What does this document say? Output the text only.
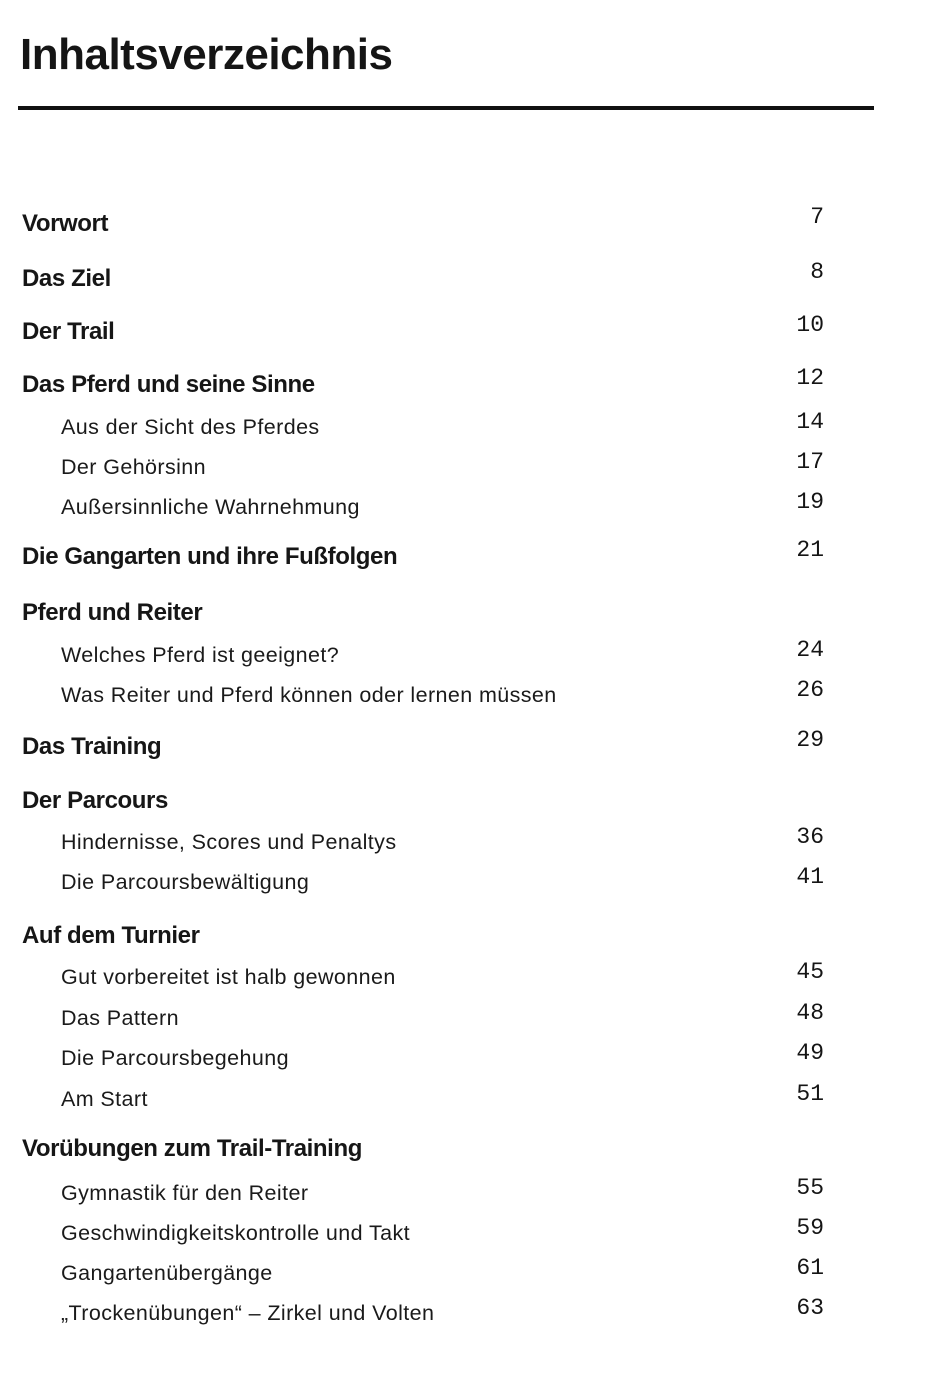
Inhaltsverzeichnis
Vorwort	7
Das Ziel	8
Der Trail	10
Das Pferd und seine Sinne	12
Aus der Sicht des Pferdes	14
Der Gehörsinn	17
Außersinnliche Wahrnehmung	19
Die Gangarten und ihre Fußfolgen	21
Pferd und Reiter
Welches Pferd ist geeignet?	24
Was Reiter und Pferd können oder lernen müssen	26
Das Training	29
Der Parcours
Hindernisse, Scores und Penaltys	36
Die Parcoursbewältigung	41
Auf dem Turnier
Gut vorbereitet ist halb gewonnen	45
Das Pattern	48
Die Parcoursbegehung	49
Am Start	51
Vorübungen zum Trail-Training
Gymnastik für den Reiter	55
Geschwindigkeitskontrolle und Takt	59
Gangartenübergänge	61
„Trockenübungen“ – Zirkel und Volten	63
